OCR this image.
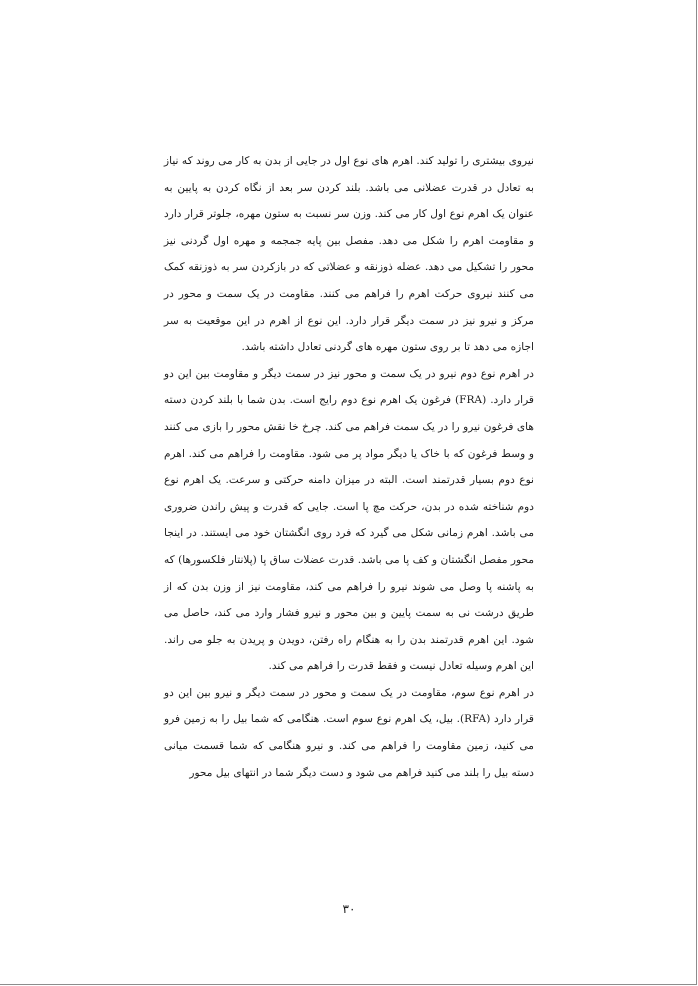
نیروی بیشتری را تولید کند. اهرم های نوع اول در جایی از بدن به کار می روند که نیاز به تعادل در قدرت عضلانی می باشد. بلند کردن سر بعد از نگاه کردن به پایین به عنوان یک اهرم نوع اول کار می کند. وزن سر نسبت به ستون مهره، جلوتر قرار دارد و مقاومت اهرم را شکل می دهد. مفصل بین پایه جمجمه و مهره اول گردنی نیز محور را تشکیل می دهد. عضله ذوزنقه و عضلاتی که در بازکردن سر به ذوزنقه کمک می کنند نیروی حرکت اهرم را فراهم می کنند. مقاومت در یک سمت و محور در مرکز و نیرو نیز در سمت دیگر قرار دارد. این نوع از اهرم در این موقعیت به سر اجازه می دهد تا بر روی ستون مهره های گردنی تعادل داشته باشد.

در اهرم نوع دوم نیرو در یک سمت و محور نیز در سمت دیگر و مقاومت بین این دو قرار دارد. (FRA) فرغون یک اهرم نوع دوم رایج است. بدن شما با بلند کردن دسته های فرغون نیرو را در یک سمت فراهم می کند. چرخ خا نقش محور را بازی می کنند و وسط فرغون که با خاک یا دیگر مواد پر می شود. مقاومت را فراهم می کند. اهرم نوع دوم بسیار قدرتمند است. البته در میزان دامنه حرکتی و سرعت. یک اهرم نوع دوم شناخته شده در بدن، حرکت مچ پا است. جایی که قدرت و پیش راندن ضروری می باشد. اهرم زمانی شکل می گیرد که فرد روی انگشتان خود می ایستند. در اینجا محور مفصل انگشتان و کف پا می باشد. قدرت عضلات ساق پا (پلانتار فلکسورها) که به پاشنه پا وصل می شوند نیرو را فراهم می کند، مقاومت نیز از وزن بدن که از طریق درشت نی به سمت پایین و بین محور و نیرو فشار وارد می کند، حاصل می شود. این اهرم قدرتمند بدن را به هنگام راه رفتن، دویدن و پریدن به جلو می راند. این اهرم وسیله تعادل نیست و فقط قدرت را فراهم می کند.

در اهرم نوع سوم، مقاومت در یک سمت و محور در سمت دیگر و نیرو بین این دو قرار دارد (RFA). بیل، یک اهرم نوع سوم است. هنگامی که شما بیل را به زمین فرو می کنید، زمین مقاومت را فراهم می کند. و نیرو هنگامی که شما قسمت میانی دسته بیل را بلند می کنید فراهم می شود و دست دیگر شما در انتهای بیل محور

۳۰
